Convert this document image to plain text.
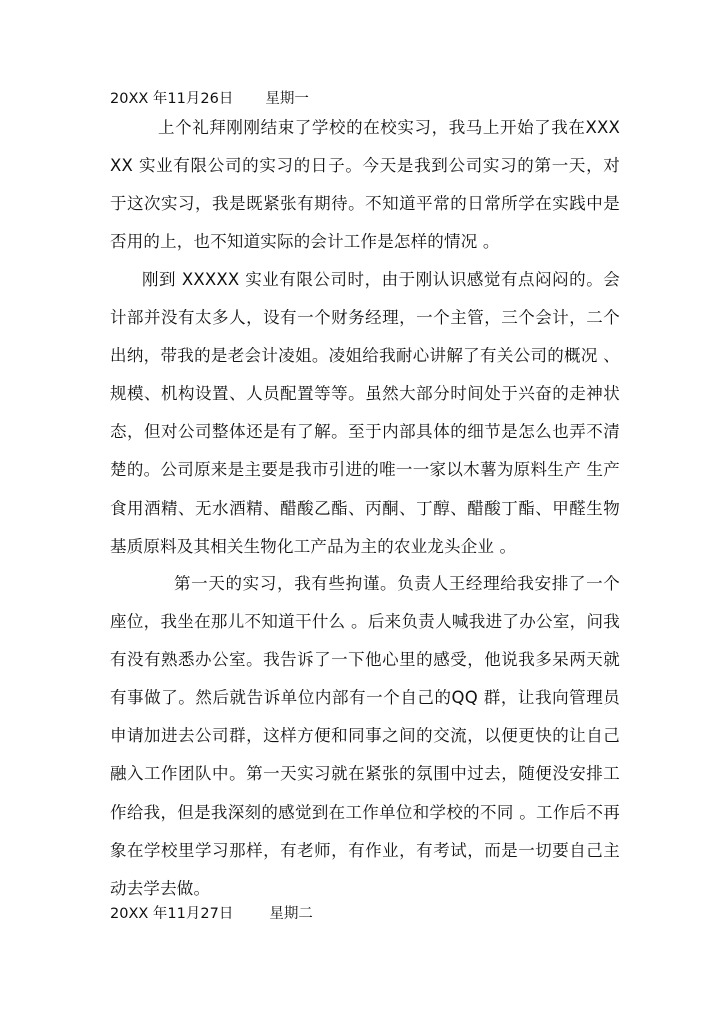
20XX 年11月26日 星期一
上个礼拜刚刚结束了学校的在校实习，我马上开始了我在XXXXX 实业有限公司的实习的日子。今天是我到公司实习的第一天，对于这次实习，我是既紧张有期待。不知道平常的日常所学在实践中是否用的上，也不知道实际的会计工作是怎样的情况 。
刚到 XXXXX 实业有限公司时，由于刚认识感觉有点闷闷的。会计部并没有太多人，设有一个财务经理，一个主管，三个会计，二个出纳，带我的是老会计凌姐。凌姐给我耐心讲解了有关公司的概况 、规模、机构设置、人员配置等等。虽然大部分时间处于兴奋的走神状态，但对公司整体还是有了解。至于内部具体的细节是怎么也弄不清楚的。公司原来是主要是我市引进的唯一一家以木薯为原料生产 生产食用酒精、无水酒精、醋酸乙酯、丙酮、丁醇、醋酸丁酯、甲醛生物基质原料及其相关生物化工产品为主的农业龙头企业 。
第一天的实习，我有些拘谨。负责人王经理给我安排了一个座位，我坐在那儿不知道干什么 。后来负责人喊我进了办公室，问我有没有熟悉办公室。我告诉了一下他心里的感受，他说我多呆两天就有事做了。然后就告诉单位内部有一个自己的QQ 群，让我向管理员申请加进去公司群，这样方便和同事之间的交流，以便更快的让自己融入工作团队中。第一天实习就在紧张的氛围中过去，随便没安排工作给我，但是我深刻的感觉到在工作单位和学校的不同 。工作后不再象在学校里学习那样，有老师，有作业，有考试，而是一切要自己主动去学去做。
20XX 年11月27日 星期二
